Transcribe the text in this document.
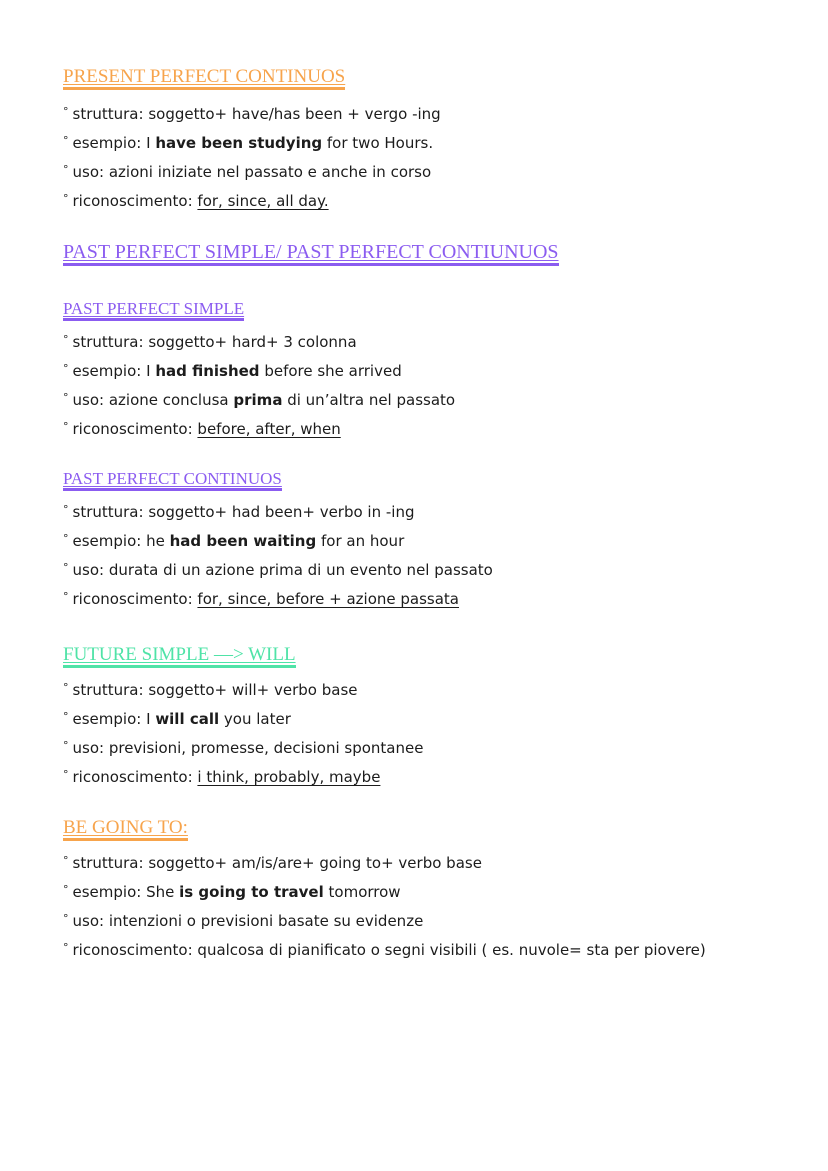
PRESENT PERFECT CONTINUOS
° struttura: soggetto+ have/has been + vergo -ing
° esempio: I have been studying for two Hours.
° uso: azioni iniziate nel passato e anche in corso
° riconoscimento: for, since, all day.
PAST PERFECT SIMPLE/ PAST PERFECT CONTIUNUOS
PAST PERFECT SIMPLE
° struttura: soggetto+ hard+ 3 colonna
° esempio: I had finished before she arrived
° uso: azione conclusa prima di un’altra nel passato
° riconoscimento: before, after, when
PAST PERFECT CONTINUOS
° struttura: soggetto+ had been+ verbo in -ing
° esempio: he had been waiting for an hour
° uso: durata di un azione prima di un evento nel passato
° riconoscimento: for, since, before + azione passata
FUTURE SIMPLE —> WILL
° struttura: soggetto+ will+ verbo base
° esempio: I will call you later
° uso: previsioni, promesse, decisioni spontanee
° riconoscimento: i think, probably, maybe
BE GOING TO:
° struttura: soggetto+ am/is/are+ going to+ verbo base
° esempio: She is going to travel tomorrow
° uso: intenzioni o previsioni basate su evidenze
° riconoscimento: qualcosa di pianificato o segni visibili ( es. nuvole= sta per piovere)
